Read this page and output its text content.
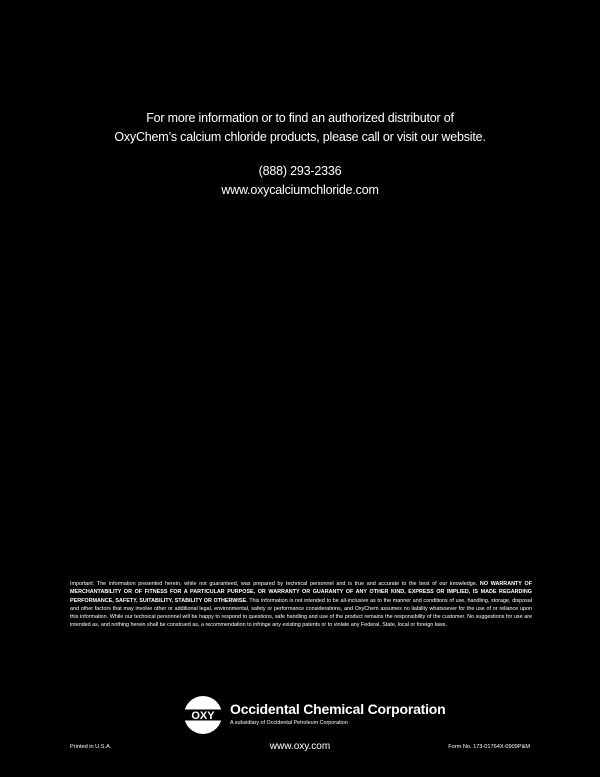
For more information or to find an authorized distributor of
OxyChem’s calcium chloride products, please call or visit our website.
(888) 293-2336
www.oxycalciumchloride.com
Important: The information presented herein, while not guaranteed, was prepared by technical personnel and is true and accurate to the best of our knowledge. NO WARRANTY OF MERCHANTABILITY OR OF FITNESS FOR A PARTICULAR PURPOSE, OR WARRANTY OR GUARANTY OF ANY OTHER KIND, EXPRESS OR IMPLIED, IS MADE REGARDING PERFORMANCE, SAFETY, SUITABILITY, STABILITY OR OTHERWISE. This information is not intended to be all-inclusive as to the manner and conditions of use, handling, storage, disposal and other factors that may involve other or additional legal, environmental, safety or performance considerations, and OxyChem assumes no liability whatsoever for the use of or reliance upon this information. While our technical personnel will be happy to respond to questions, safe handling and use of the product remains the responsibility of the customer. No suggestions for use are intended as, and nothing herein shall be construed as, a recommendation to infringe any existing patents or to violate any Federal, State, local or foreign laws.
OXY Occidental Chemical Corporation
A subsidiary of Occidental Petroleum Corporation
Printed in U.S.A.	www.oxy.com	Form No. 173-01764X-0909P&M
